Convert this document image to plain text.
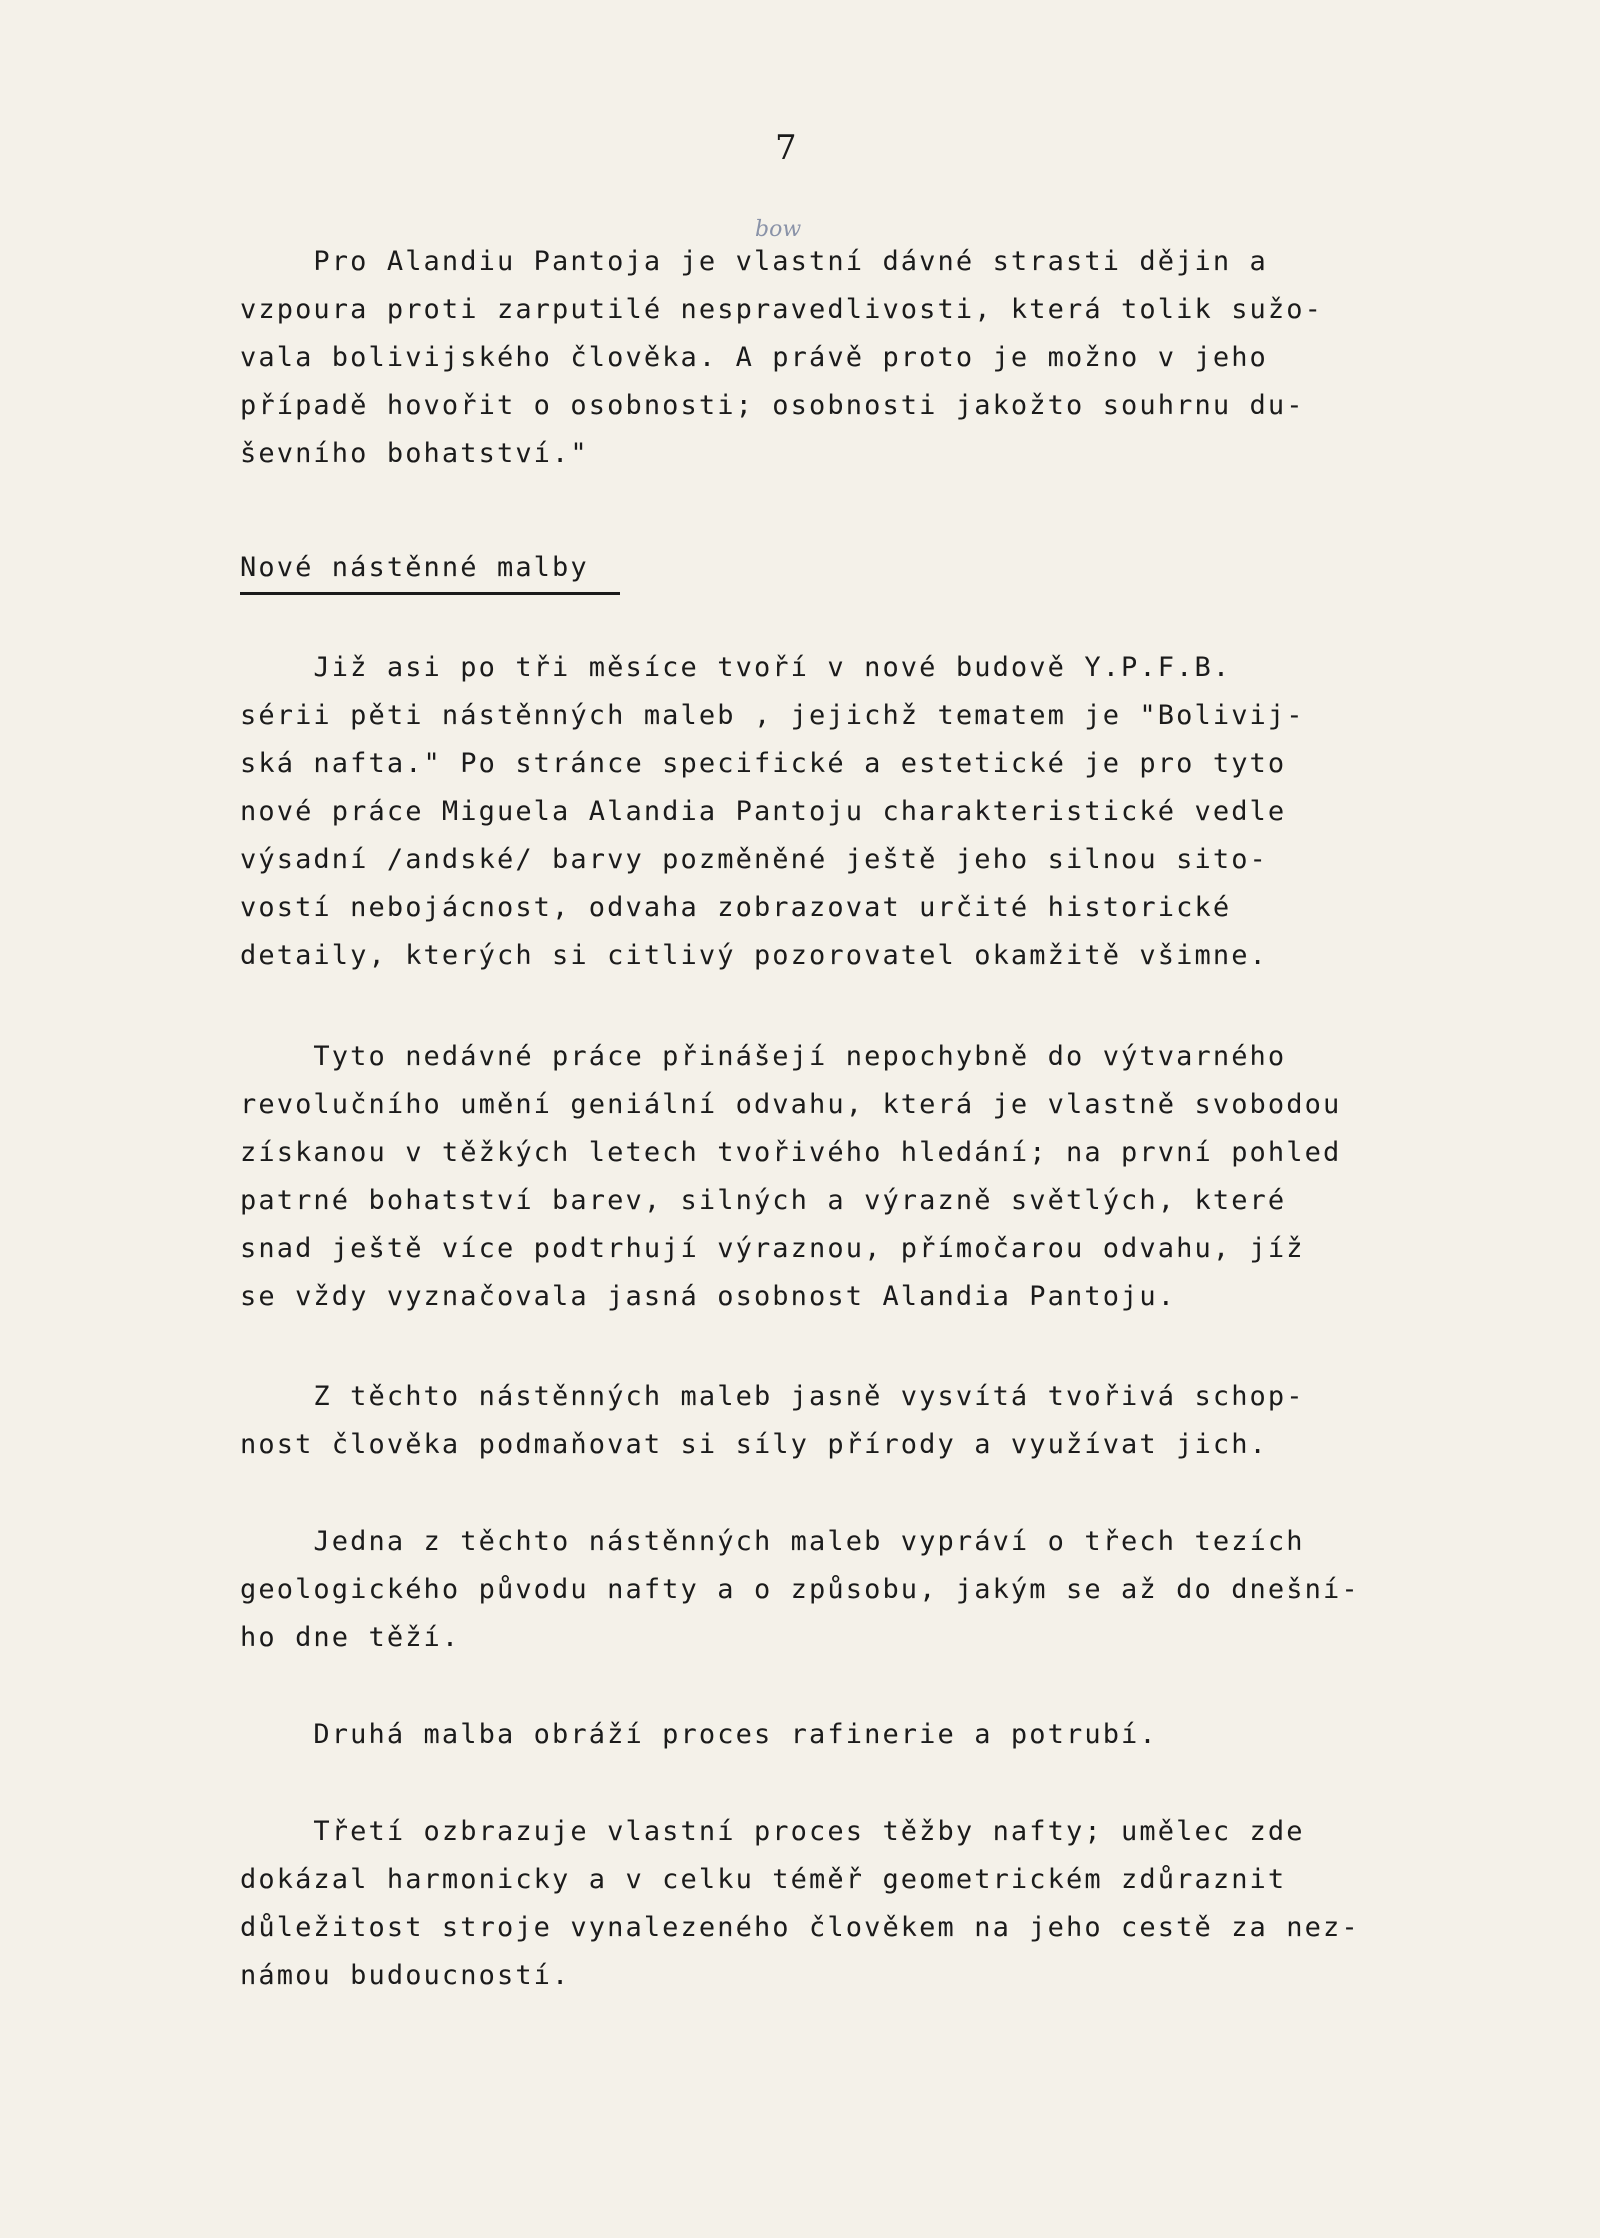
7
bow
Pro Alandiu Pantoja je vlastní dávné strasti dějin a
vzpoura proti zarputilé nespravedlivosti, která tolik sužo-
vala bolivijského člověka. A právě proto je možno v jeho
případě hovořit o osobnosti; osobnosti jakožto souhrnu du-
ševního bohatství."
Nové nástěnné malby
Již asi po tři měsíce tvoří v nové budově Y.P.F.B.
sérii pěti nástěnných maleb , jejichž tematem je "Bolivij-
ská nafta." Po stránce specifické a estetické je pro tyto
nové práce Miguela Alandia Pantoju charakteristické vedle
výsadní /andské/ barvy pozměněné ještě jeho silnou sito-
vostí nebojácnost, odvaha zobrazovat určité historické
detaily, kterých si citlivý pozorovatel okamžitě všimne.
Tyto nedávné práce přinášejí nepochybně do výtvarného
revolučního umění geniální odvahu, která je vlastně svobodou
získanou v těžkých letech tvořivého hledání; na první pohled
patrné bohatství barev, silných a výrazně světlých, které
snad ještě více podtrhují výraznou, přímočarou odvahu, jíž
se vždy vyznačovala jasná osobnost Alandia Pantoju.
Z těchto nástěnných maleb jasně vysvítá tvořivá schop-
nost člověka podmaňovat si síly přírody a využívat jich.
Jedna z těchto nástěnných maleb vypráví o třech tezích
geologického původu nafty a o způsobu, jakým se až do dnešní-
ho dne těží.
Druhá malba obráží proces rafinerie a potrubí.
Třetí ozbrazuje vlastní proces těžby nafty; umělec zde
dokázal harmonicky a v celku téměř geometrickém zdůraznit
důležitost stroje vynalezeného člověkem na jeho cestě za nez-
námou budoucností.
